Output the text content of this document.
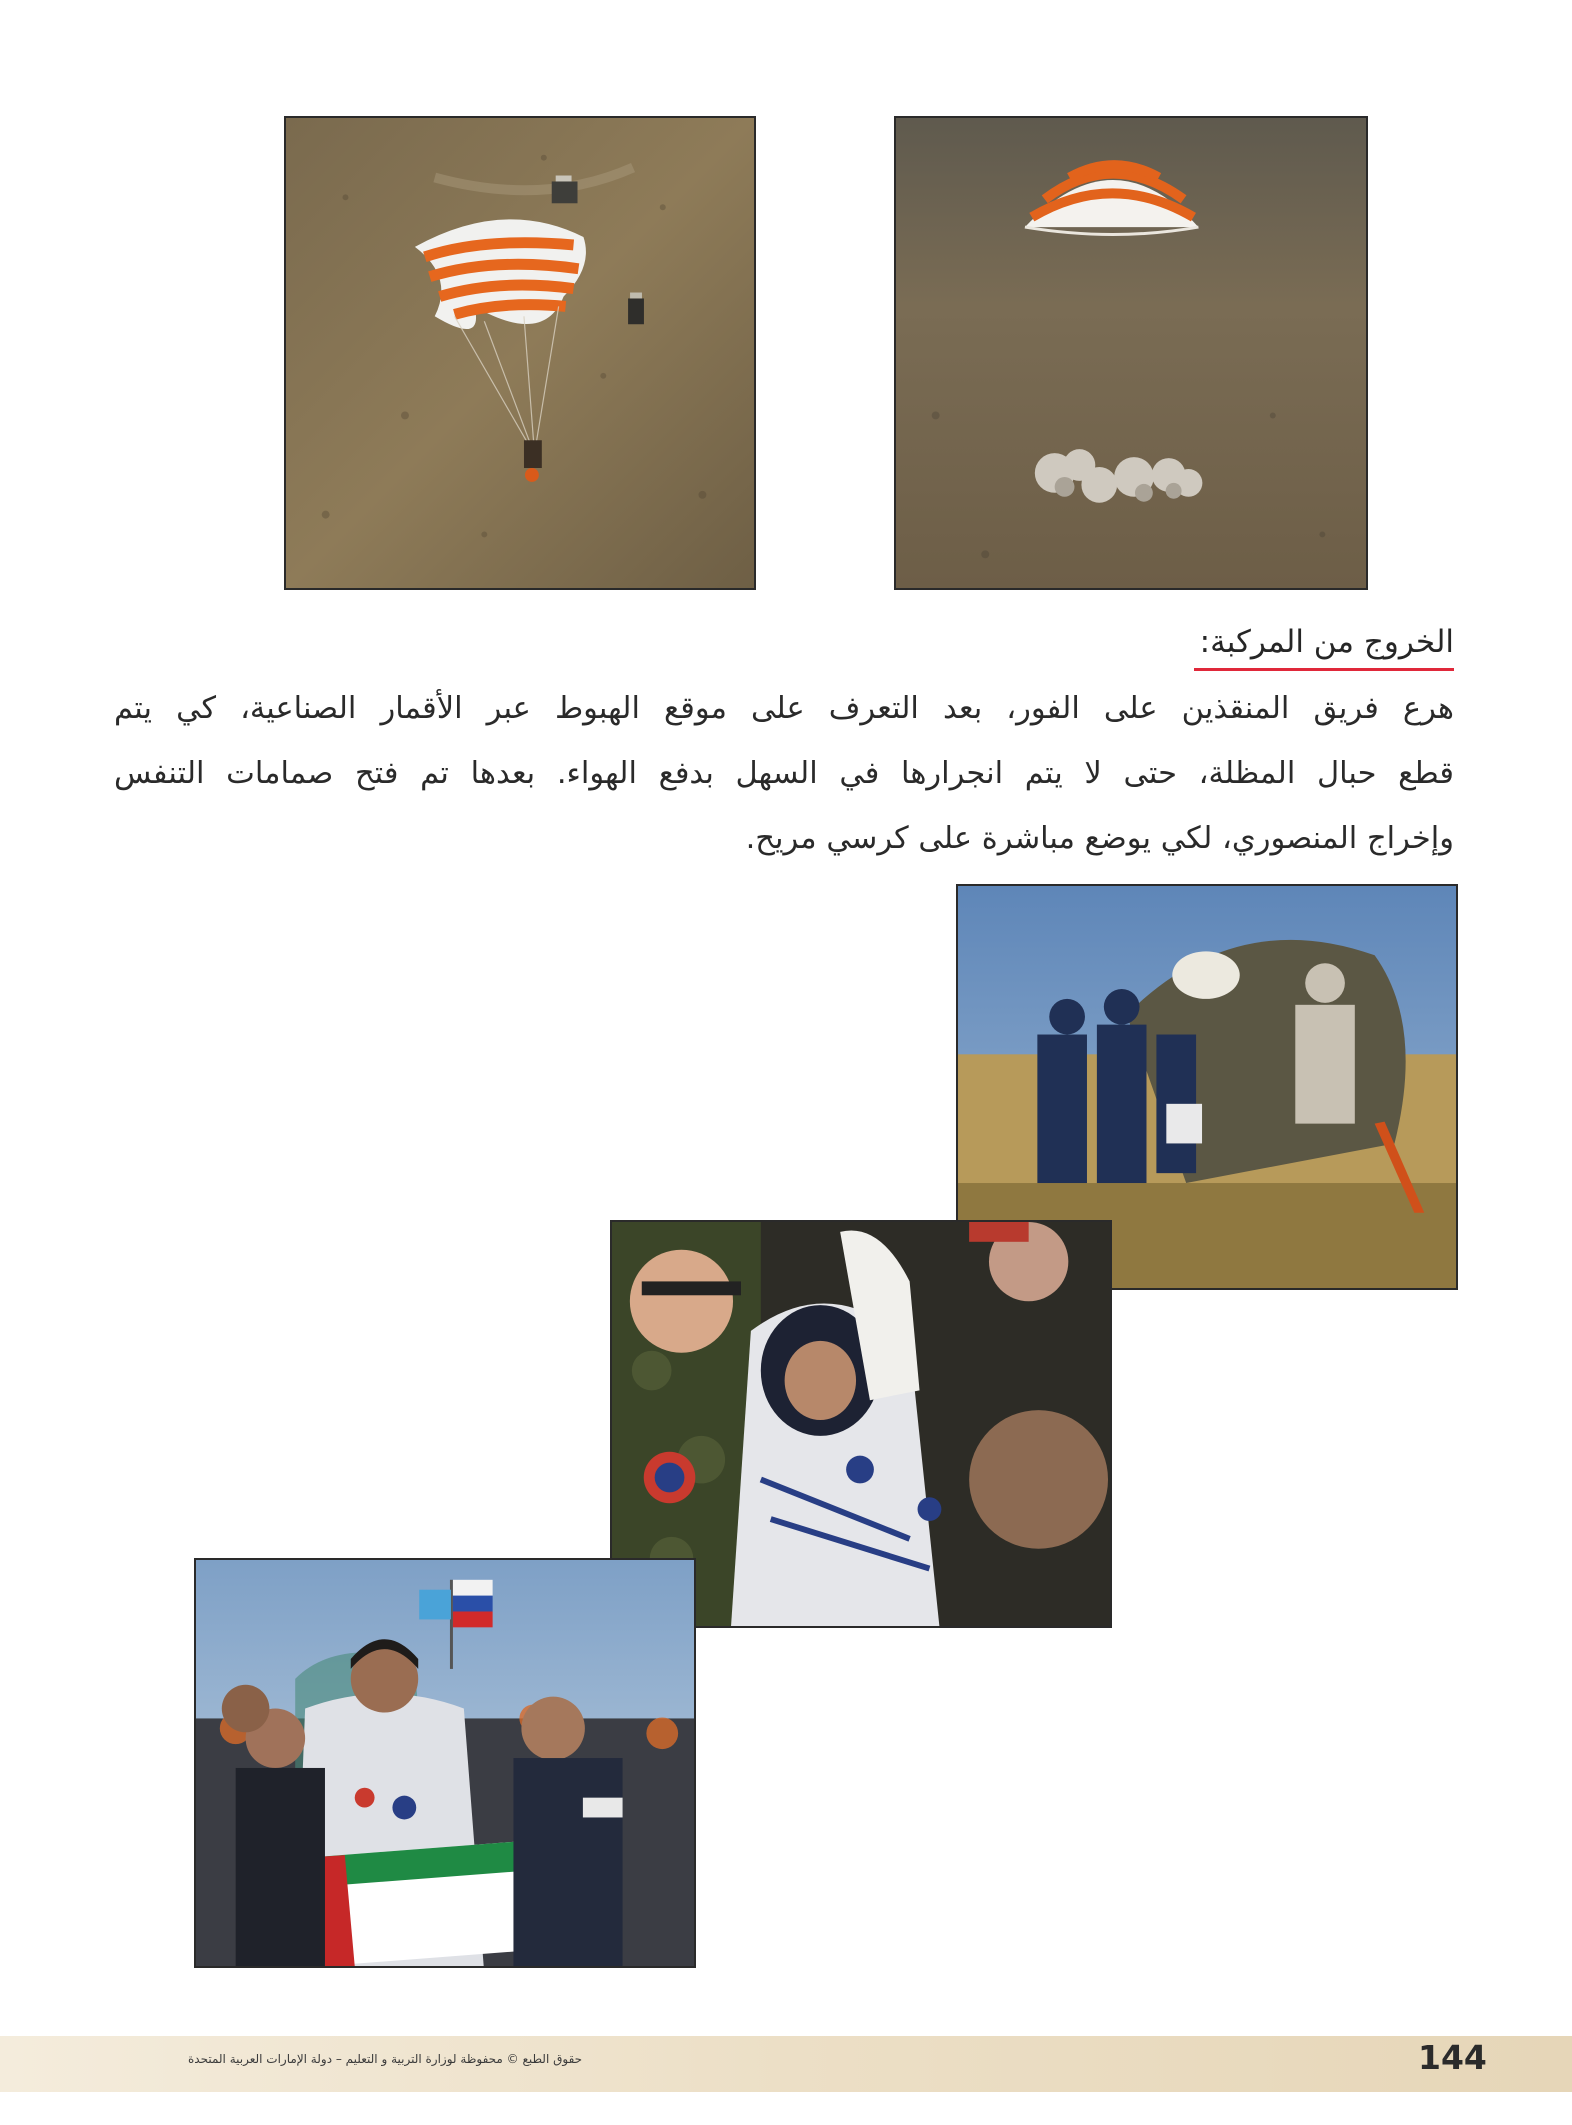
الخروج من المركبة:
هرع فريق المنقذين على الفور، بعد التعرف على موقع الهبوط عبر الأقمار الصناعية، كي يتم
قطع حبال المظلة، حتى لا يتم انجرارها في السهل بدفع الهواء. بعدها تم فتح صمامات التنفس
وإخراج المنصوري، لكي يوضع مباشرة على كرسي مريح.
حقوق الطبع © محفوظة لوزارة التربية و التعليم – دولة الإمارات العربية المتحدة	144
